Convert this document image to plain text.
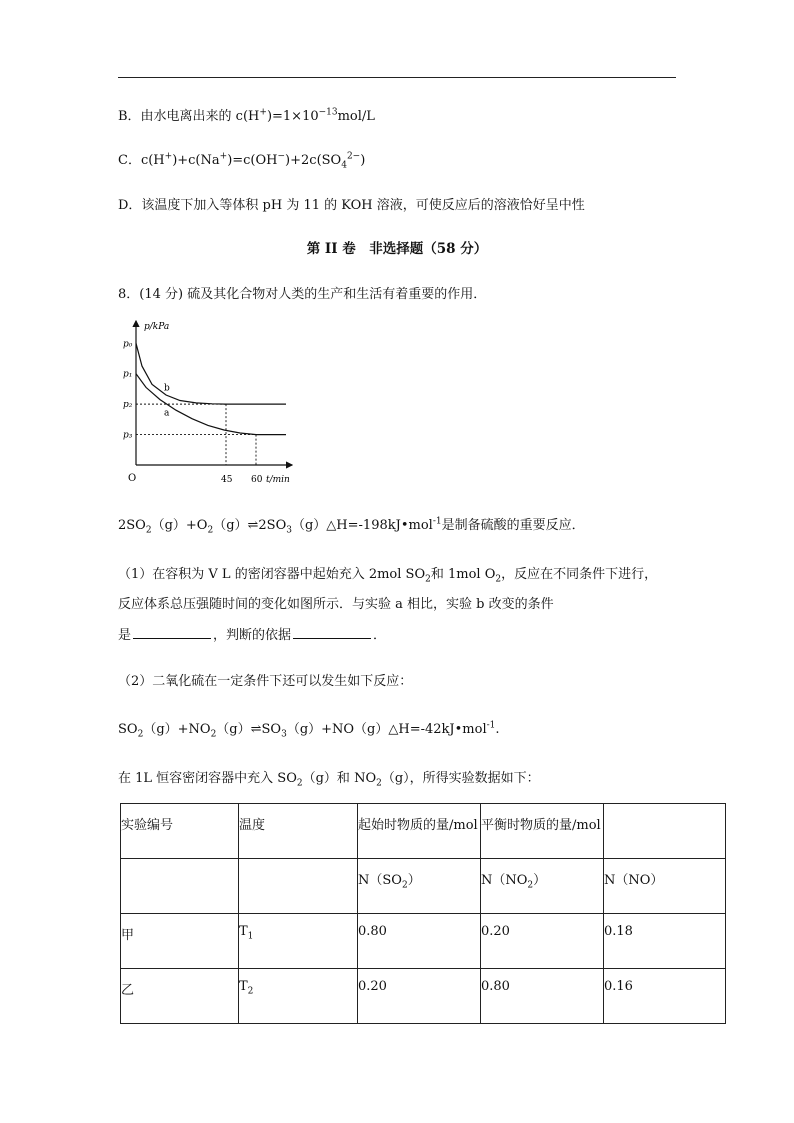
B．由水电离出来的 $c(H^+)=1\times 10^{-13}mol/L$
C．$c(H^+)+c(Na^+)=c(OH^-)+2c(SO_4^{2-})$
D．该温度下加入等体积 pH 为 11 的 KOH 溶液，可使反应后的溶液恰好呈中性
第 II 卷　非选择题（58 分）
8．(14 分) 硫及其化合物对人类的生产和生活有着重要的作用．
p/kPa
t/min
O
p₀
p₁
p₂
p₃
45 60
b
a
$2SO_2(g)+O_2(g)\rightleftharpoons 2SO_3(g)\triangle H=-198kJ•mol^{-1}$是制备硫酸的重要反应．
（1）在容积为 V L 的密闭容器中起始充入 2mol $SO_2$和 1mol $O_2$，反应在不同条件下进行，
反应体系总压强随时间的变化如图所示．与实验 a 相比，实验 b 改变的条件
是	，判断的依据	．
（2）二氧化硫在一定条件下还可以发生如下反应：
$SO_2(g)+NO_2(g)\rightleftharpoons SO_3(g)+NO(g)\triangle H=-42kJ•mol^{-1}$.
在 1L 恒容密闭容器中充入 $SO_2(g)$和 $NO_2(g)$，所得实验数据如下：
实验编号	温度	起始时物质的量/mol	平衡时物质的量/mol	
		$N(SO_2)$	$N(NO_2)$	N（NO）
甲	$T_1$	0.80	0.20	0.18
乙	$T_2$	0.20	0.80	0.16
